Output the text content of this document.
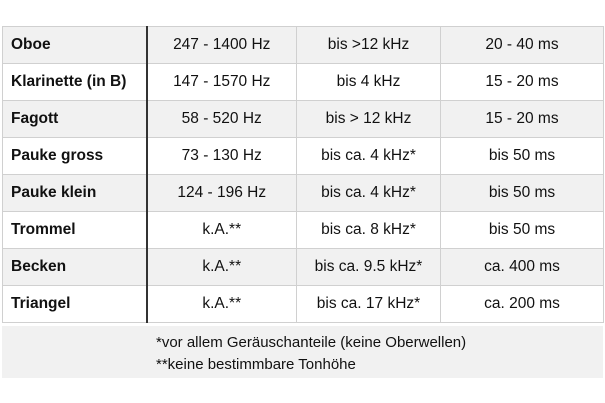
Oboe	247 - 1400 Hz	bis >12 kHz	20 - 40 ms
Klarinette (in B)	147 - 1570 Hz	bis 4 kHz	15 - 20 ms
Fagott	58 - 520 Hz	bis > 12 kHz	15 - 20 ms
Pauke gross	73 - 130 Hz	bis ca. 4 kHz*	bis 50 ms
Pauke klein	124 - 196 Hz	bis ca. 4 kHz*	bis 50 ms
Trommel	k.A.**	bis ca. 8 kHz*	bis 50 ms
Becken	k.A.**	bis ca. 9.5 kHz*	ca. 400 ms
Triangel	k.A.**	bis ca. 17 kHz*	ca. 200 ms
*vor allem Geräuschanteile (keine Oberwellen)
**keine bestimmbare Tonhöhe
